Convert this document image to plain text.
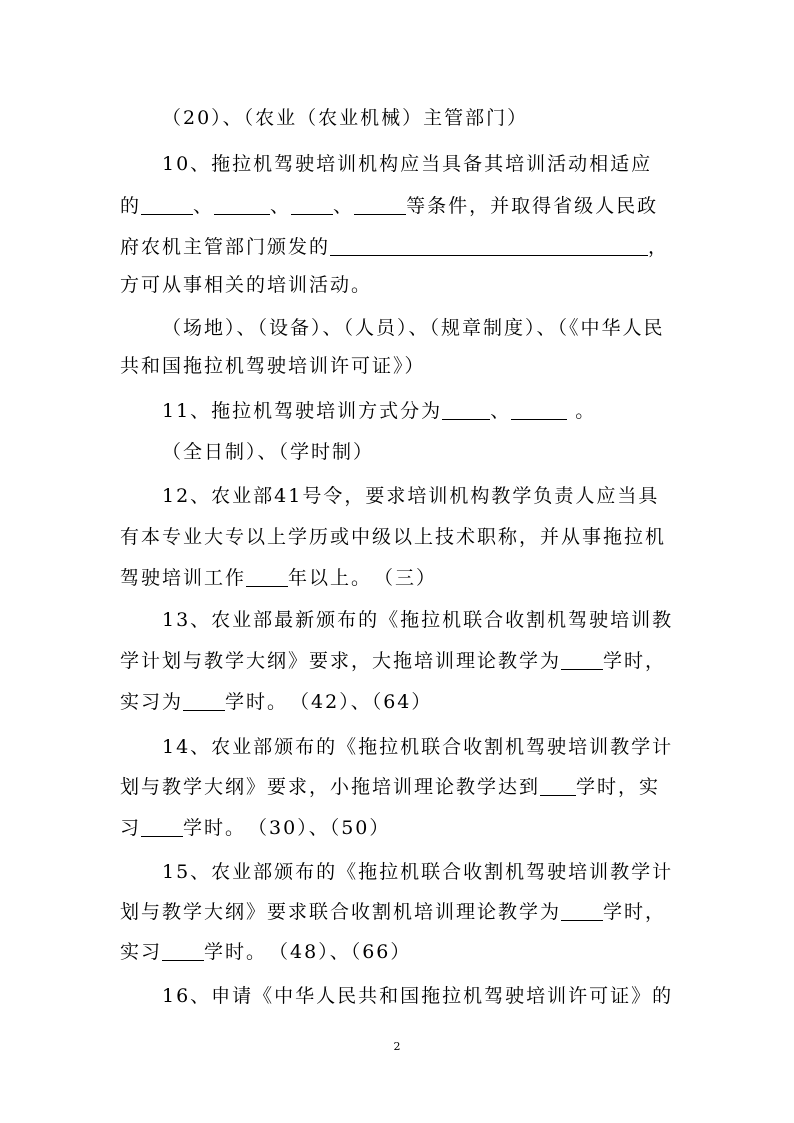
（20）、（农业（农业机械）主管部门）
10、拖拉机驾驶培训机构应当具备其培训活动相适应
的	、	、 、	等条件，并取得省级人民政
府农机主管部门颁发的	，
方可从事相关的培训活动。
（场地）、（设备）、（人员）、（规章制度）、（《中华人民
共和国拖拉机驾驶培训许可证》）
11、拖拉机驾驶培训方式分为	、	。
（全日制）、（学时制）
12、农业部41号令，要求培训机构教学负责人应当具
有本专业大专以上学历或中级以上技术职称，并从事拖拉机
驾驶培训工作 年以上。　（三）
13、农业部最新颁布的《拖拉机联合收割机驾驶培训教
学计划与教学大纲》要求，大拖培训理论教学为 学时，
实习为 学时。　（42）、（64）
14、农业部颁布的《拖拉机联合收割机驾驶培训教学计
划与教学大纲》要求，小拖培训理论教学达到 学时，实
习 学时。　（30）、（50）
15、农业部颁布的《拖拉机联合收割机驾驶培训教学计
划与教学大纲》要求联合收割机培训理论教学为 学时，
实习 学时。　（48）、（66）
16、申请《中华人民共和国拖拉机驾驶培训许可证》的
2
